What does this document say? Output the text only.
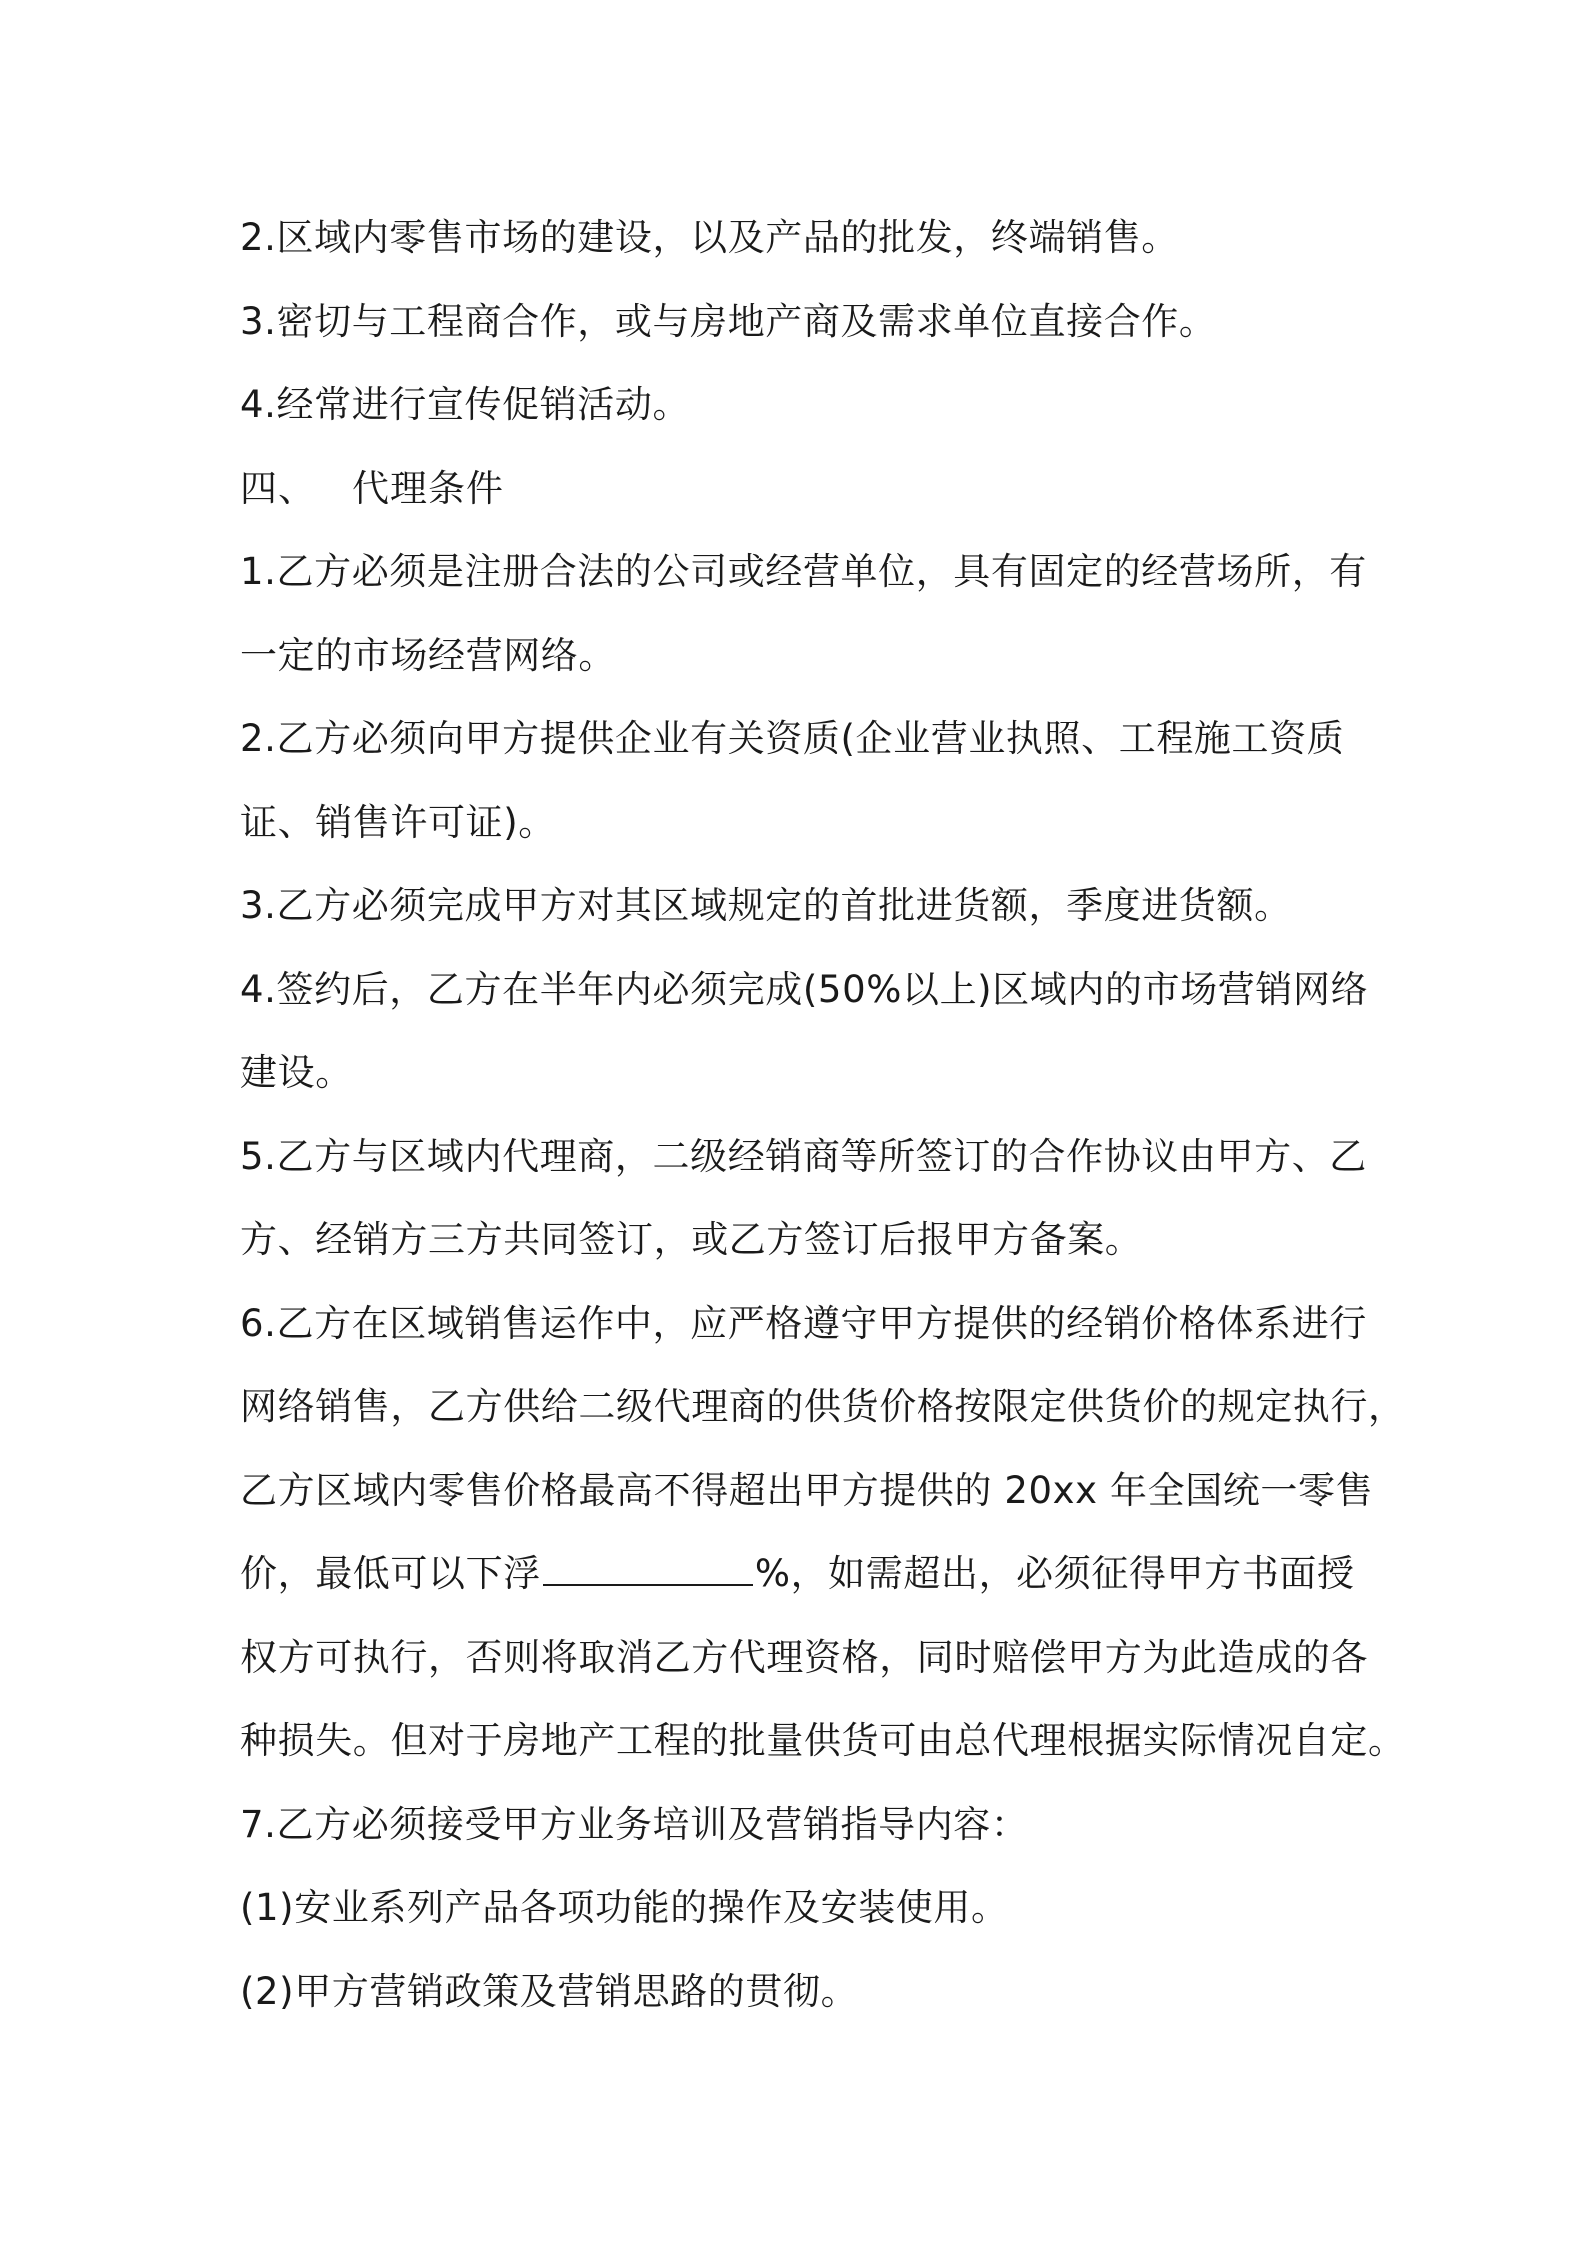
2.区域内零售市场的建设，以及产品的批发，终端销售。
3.密切与工程商合作，或与房地产商及需求单位直接合作。
4.经常进行宣传促销活动。
四、 代理条件
1.乙方必须是注册合法的公司或经营单位，具有固定的经营场所，有
一定的市场经营网络。
2.乙方必须向甲方提供企业有关资质(企业营业执照、工程施工资质
证、销售许可证)。
3.乙方必须完成甲方对其区域规定的首批进货额，季度进货额。
4.签约后，乙方在半年内必须完成(50%以上)区域内的市场营销网络
建设。
5.乙方与区域内代理商，二级经销商等所签订的合作协议由甲方、乙
方、经销方三方共同签订，或乙方签订后报甲方备案。
6.乙方在区域销售运作中，应严格遵守甲方提供的经销价格体系进行
网络销售，乙方供给二级代理商的供货价格按限定供货价的规定执行，
乙方区域内零售价格最高不得超出甲方提供的 20xx 年全国统一零售
价，最低可以下浮	%，如需超出，必须征得甲方书面授
权方可执行，否则将取消乙方代理资格，同时赔偿甲方为此造成的各
种损失。但对于房地产工程的批量供货可由总代理根据实际情况自定。
7.乙方必须接受甲方业务培训及营销指导内容：
(1)安业系列产品各项功能的操作及安装使用。
(2)甲方营销政策及营销思路的贯彻。
